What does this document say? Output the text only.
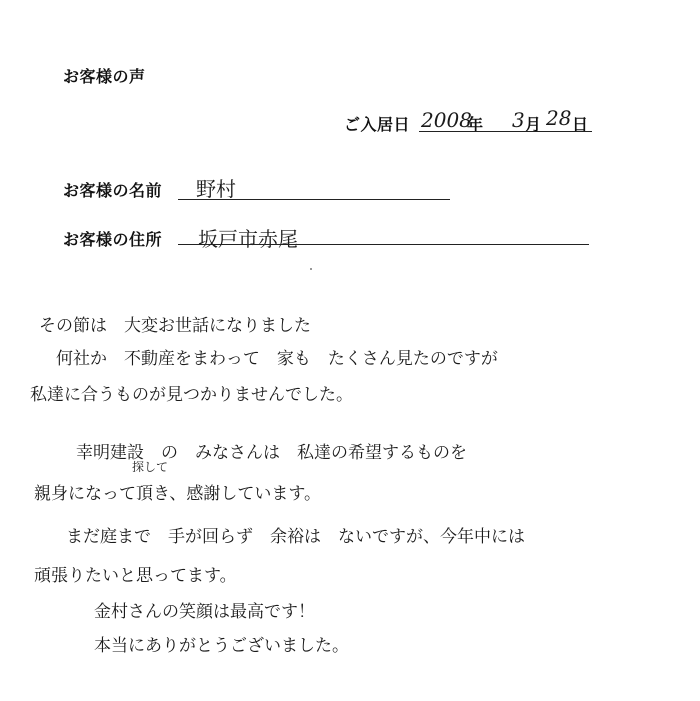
お客様の声
ご入居日 2008
年 3 月 28 日
お客様の名前 野村
お客様の住所 坂戸市赤尾
その節は　大変お世話になりました
何社か　不動産をまわって　家も　たくさん見たのですが
私達に合うものが見つかりませんでした。
幸明建設　の　みなさんは　私達の希望するものを
探して
親身になって頂き、感謝しています。
まだ庭まで　手が回らず　余裕は　ないですが、今年中には
頑張りたいと思ってます。
金村さんの笑顔は最高です！
本当にありがとうございました。
